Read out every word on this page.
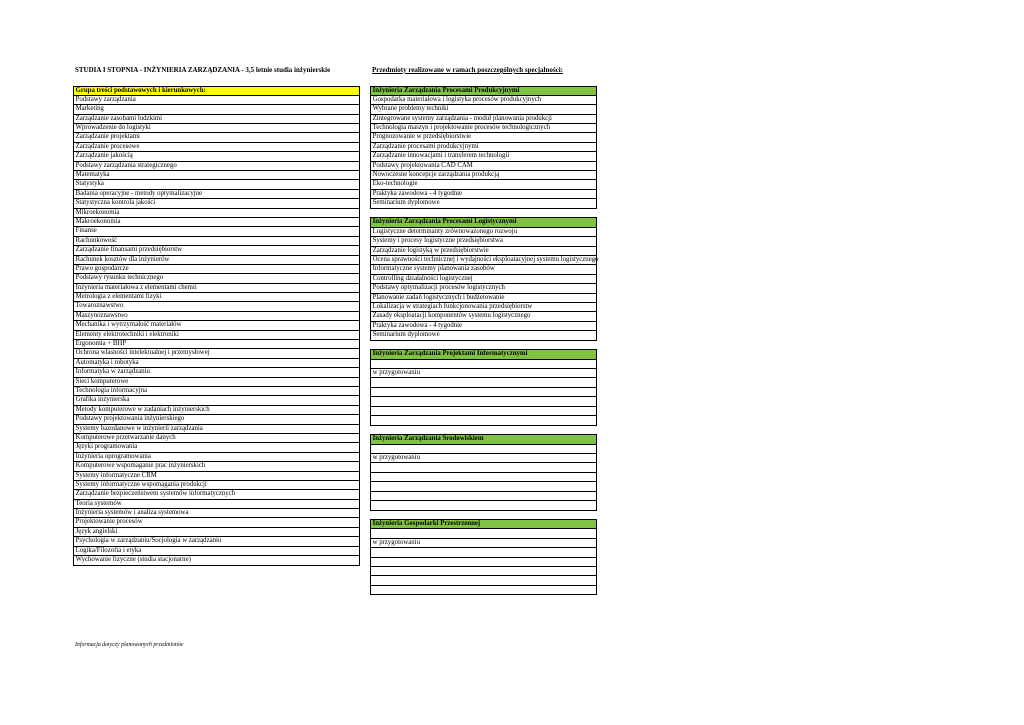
STUDIA I STOPNIA - INŻYNIERIA ZARZĄDZANIA - 3,5 letnie studia inżynierskie	Przedmioty realizowane w ramach poszczególnych specjalności:
Grupa treści podstawowych i kierunkowych:
Podstawy zarządzania
Marketing
Zarządzanie zasobami ludzkimi
Wprowadzenie do logistyki
Zarządzanie projektami
Zarządzanie procesowe
Zarządzanie jakością
Podstawy zarządzania strategicznego
Matematyka
Statystyka
Badania operacyjne - metody optymalizacyjne
Statystyczna kontrola jakości
Mikroekonomia
Makroekonomia
Finanse
Rachunkowość
Zarządzanie finansami przedsiębiorstw
Rachunek kosztów dla inżynierów
Prawo gospodarcze
Podstawy rysunku technicznego
Inżynieria materiałowa z elementami chemii
Metrologia z elementami fizyki
Towaroznawstwo
Maszynoznawstwo
Mechanika i wytrzymałość materiałów
Elementy elektrotechniki i elektroniki
Ergonomia + BHP
Ochrona własności intelektualnej i przemysłowej
Automatyka i robotyka
Informatyka w zarządzaniu
Sieci komputerowe
Technologia informacyjna
Grafika inżynierska
Metody komputerowe w zadaniach inżynierskich
Podstawy projektowania inżynierskiego
Systemy bazodanowe w inżynierii zarządzania
Komputerowe przetwarzanie danych
Języki programowania
Inżynieria oprogramowania
Komputerowe wspomaganie prac inżynierskich
Systemy informatyczne CRM
Systemy informatyczne wspomagania produkcji
Zarządzanie bezpieczeństwem systemów informatycznych
Teoria systemów
Inżynieria systemów i analiza systemowa
Projektowanie procesów
Język angielski
Psychologia w zarządzaniu/Socjologia w zarządzaniu
Logika/Filozofia i etyka
Wychowanie fizyczne (studia stacjonarne)
Inżynieria Zarządzania Procesami Produkcyjnymi
Gospodarka materiałowa i logistyka procesów produkcyjnych
Wybrane problemy techniki
Zintegrowane systemy zarządzania - moduł planowania produkcji
Technologia maszyn i projektowanie procesów technologicznych
Prognozowanie w przedsiębiorstwie
Zarządzanie procesami produkcyjnymi
Zarządzanie innowacjami i transferem technologii
Podstawy projektowania CAD CAM
Nowoczesne koncepcje zarządzania produkcją
Eko-technologie
Praktyka zawodowa - 4 tygodnie
Seminarium dyplomowe
Inżynieria Zarządzania Procesami Logistycznymi
Logistyczne determinanty zrównoważonego rozwoju
Systemy i procesy logistyczne przedsiębiorstwa
Zarządzanie logistyką w przedsiębiorstwie
Ocena sprawności technicznej i wydajności eksploatacyjnej systemu logistycznego
Informatyczne systemy planowania zasobów
Controlling działalności logistycznej
Podstawy optymalizacji procesów logistycznych
Planowanie zadań logistycznych i budżetowanie
Lokalizacja w strategiach funkcjonowania przedsiębiorstw
Zasady eksploatacji komponentów systemu logistycznego
Praktyka zawodowa - 4 tygodnie
Seminarium dyplomowe
Inżynieria Zarządzania Projektami Informatycznymi
w przygotowaniu
Inżynieria Zarządzania Środowiskiem
w przygotowaniu
Inżynieria Gospodarki Przestrzennej
w przygotowaniu
Informacja dotyczy planowanych przedmiotów
